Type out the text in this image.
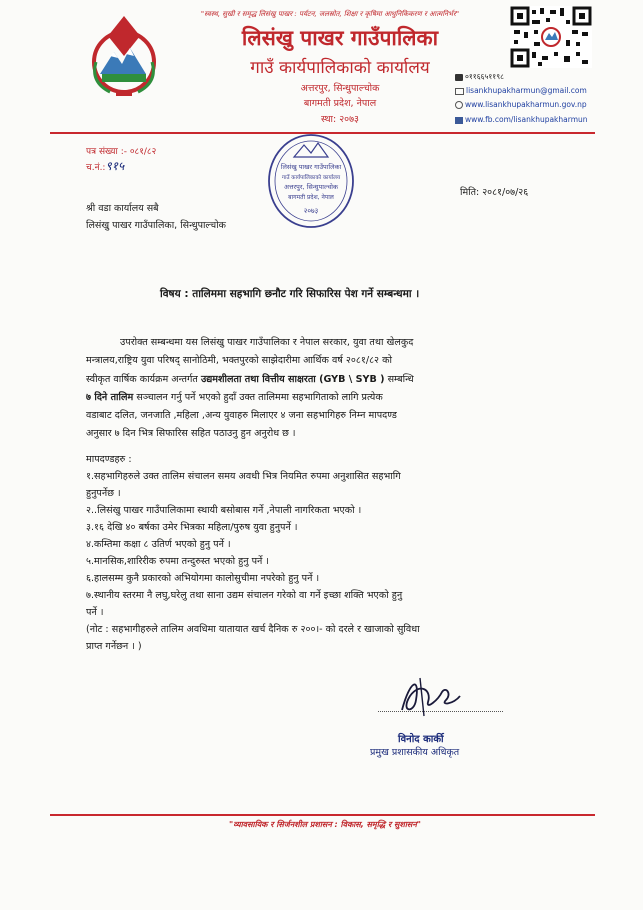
"स्वस्थ, सुखी र समृद्ध लिसंखु पाखर : पर्यटन, जलस्रोत, शिक्षा र कृषिमा आधुनिकिकरण र आत्मनिर्भर"
लिसंखु पाखर गाउँपालिका
गाउँ कार्यपालिकाको कार्यालय
अत्तरपुर, सिन्धुपाल्चोक
बागमती प्रदेश, नेपाल
स्था: २०७३
०११६६५११९८
lisankhupakharmun@gmail.com
www.lisankhupakharmun.gov.np
www.fb.com/lisankhupakharmun
पत्र संख्या :- ०८१/८२
च.नं.:९१५	लिसंखु पाखर गाउँपालिका
गाउँ कार्यपालिकाको कार्यालय
अत्तरपुर, सिन्धुपाल्चोक
बागमती प्रदेश, नेपाल
२०७३
मिति: २०८१/०७/२६
श्री वडा कार्यालय सबै
लिसंखु पाखर गाउँपालिका, सिन्धुपाल्चोक
विषय : तालिममा सहभागि छनौट गरि सिफारिस पेश गर्ने सम्बन्धमा ।
उपरोक्त सम्बन्धमा यस लिसंखु पाखर गाउँपालिका र नेपाल सरकार, युवा तथा खेलकुद
मन्त्रालय,राष्ट्रिय युवा परिषद् सानोठिमी, भक्तपुरको साझेदारीमा आर्थिक वर्ष २०८१/८२ को
स्वीकृत वार्षिक कार्यक्रम अन्तर्गत उद्यमशीलता तथा वित्तीय साक्षरता (GYB \ SYB ) सम्बन्धि
७ दिने तालिम सञ्चालन गर्नु पर्ने भएको हुदाँ उक्त तालिममा सहभागिताको लागि प्रत्येक
वडाबाट दलित, जनजाति ,महिला ,अन्य युवाहरु मिलाएर ४ जना सहभागिहरु निम्न मापदण्ड
अनुसार ७ दिन भित्र सिफारिस सहित पठाउनु हुन अनुरोध छ ।
मापदण्डहरु :
१.सहभागिहरुले उक्त तालिम संचालन समय अवधी भित्र नियमित रुपमा अनुशासित सहभागि
हुनुपर्नेछ ।
२..लिसंखु पाखर गाउँपालिकामा स्थायी बसोबास गर्ने ,नेपाली नागरिकता भएको ।
३.१६ देखि ४० बर्षका उमेर भित्रका महिला/पुरुष युवा हुनुपर्ने ।
४.कम्तिमा कक्षा ८ उतिर्ण भएको हुनु पर्ने ।
५.मानसिक,शारिरीक रुपमा तन्दुरुस्त भएको हुनु पर्ने ।
६.हालसम्म कुनै प्रकारको अभियोगमा कालोसुचीमा नपरेको हुनु पर्ने ।
७.स्थानीय स्तरमा नै लघु,घरेलु तथा साना उद्यम संचालन गरेको वा गर्ने इच्छा शक्ति भएको हुनु
पर्ने ।
(नोट : सहभागीहरुले तालिम अवधिमा यातायात खर्च दैनिक रु २००।- को दरले र खाजाको सुविधा
प्राप्त गर्नेछन । )
विनोद कार्की
प्रमुख प्रशासकीय अधिकृत
"व्यावसायिक र सिर्जनशील प्रशासन : विकास, समृद्धि र सुशासन"
